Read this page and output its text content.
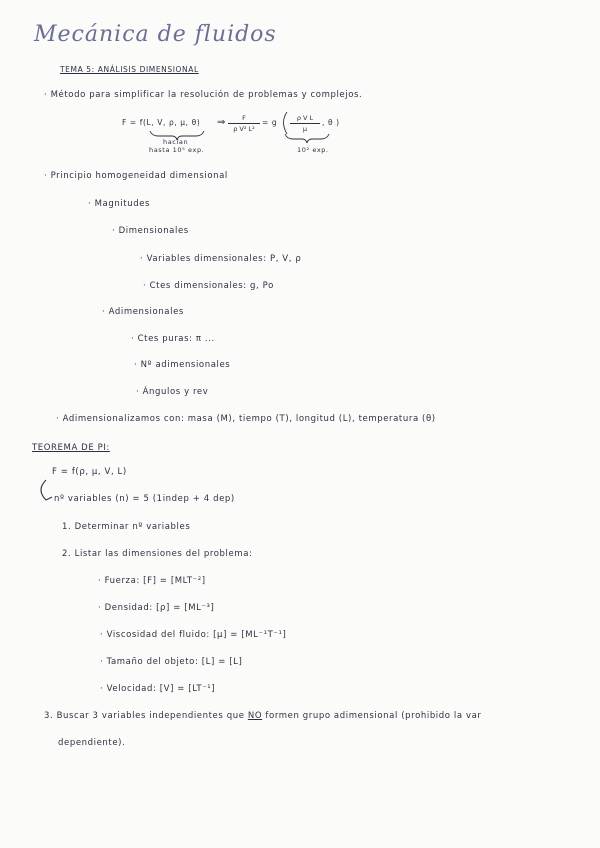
Mecánica de fluidos
TEMA 5: ANÁLISIS DIMENSIONAL
· Método para simplificar la resolución de problemas y complejos.
F = f(L, V, ρ, μ, θ) ⇒	F
ρ V² L²
= g	ρ V L
μ
, θ )
hacían
hasta 10⁵ exp.	10² exp.
· Principio homogeneidad dimensional
· Magnitudes
· Dimensionales
· Variables dimensionales: P, V, ρ
· Ctes dimensionales: g, Po
· Adimensionales
· Ctes puras: π ...
· Nº adimensionales
· Ángulos y rev
· Adimensionalizamos con: masa (M), tiempo (T), longitud (L), temperatura (θ)
TEOREMA DE PI:
F = f(ρ, μ, V, L)
nº variables (n) = 5 (1indep + 4 dep)
1. Determinar nº variables
2. Listar las dimensiones del problema:
· Fuerza: [F] = [MLT⁻²]
· Densidad: [ρ] = [ML⁻³]
· Viscosidad del fluido: [μ] = [ML⁻¹T⁻¹]
· Tamaño del objeto: [L] = [L]
· Velocidad: [V] = [LT⁻¹]
3. Buscar 3 variables independientes que NO formen grupo adimensional (prohibido la var
dependiente).
